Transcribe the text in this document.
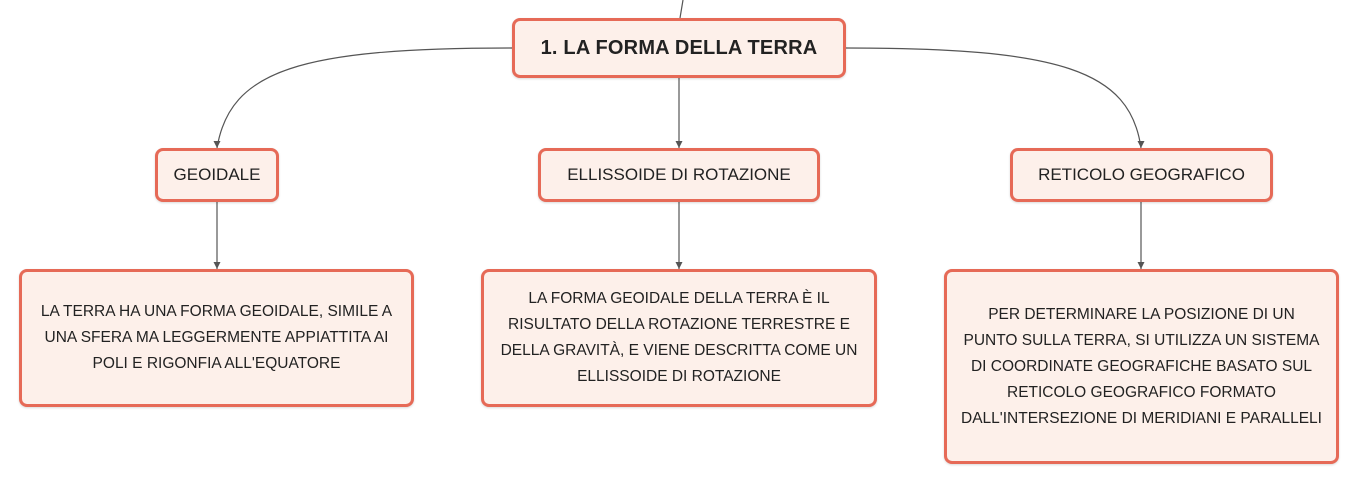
1. LA FORMA DELLA TERRA
GEOIDALE	ELLISSOIDE DI ROTAZIONE	RETICOLO GEOGRAFICO
LA TERRA HA UNA FORMA GEOIDALE, SIMILE A UNA SFERA MA LEGGERMENTE APPIATTITA AI POLI E RIGONFIA ALL'EQUATORE
LA FORMA GEOIDALE DELLA TERRA È IL RISULTATO DELLA ROTAZIONE TERRESTRE E DELLA GRAVITÀ, E VIENE DESCRITTA COME UN ELLISSOIDE DI ROTAZIONE
PER DETERMINARE LA POSIZIONE DI UN PUNTO SULLA TERRA, SI UTILIZZA UN SISTEMA DI COORDINATE GEOGRAFICHE BASATO SUL RETICOLO GEOGRAFICO FORMATO DALL'INTERSEZIONE DI MERIDIANI E PARALLELI
